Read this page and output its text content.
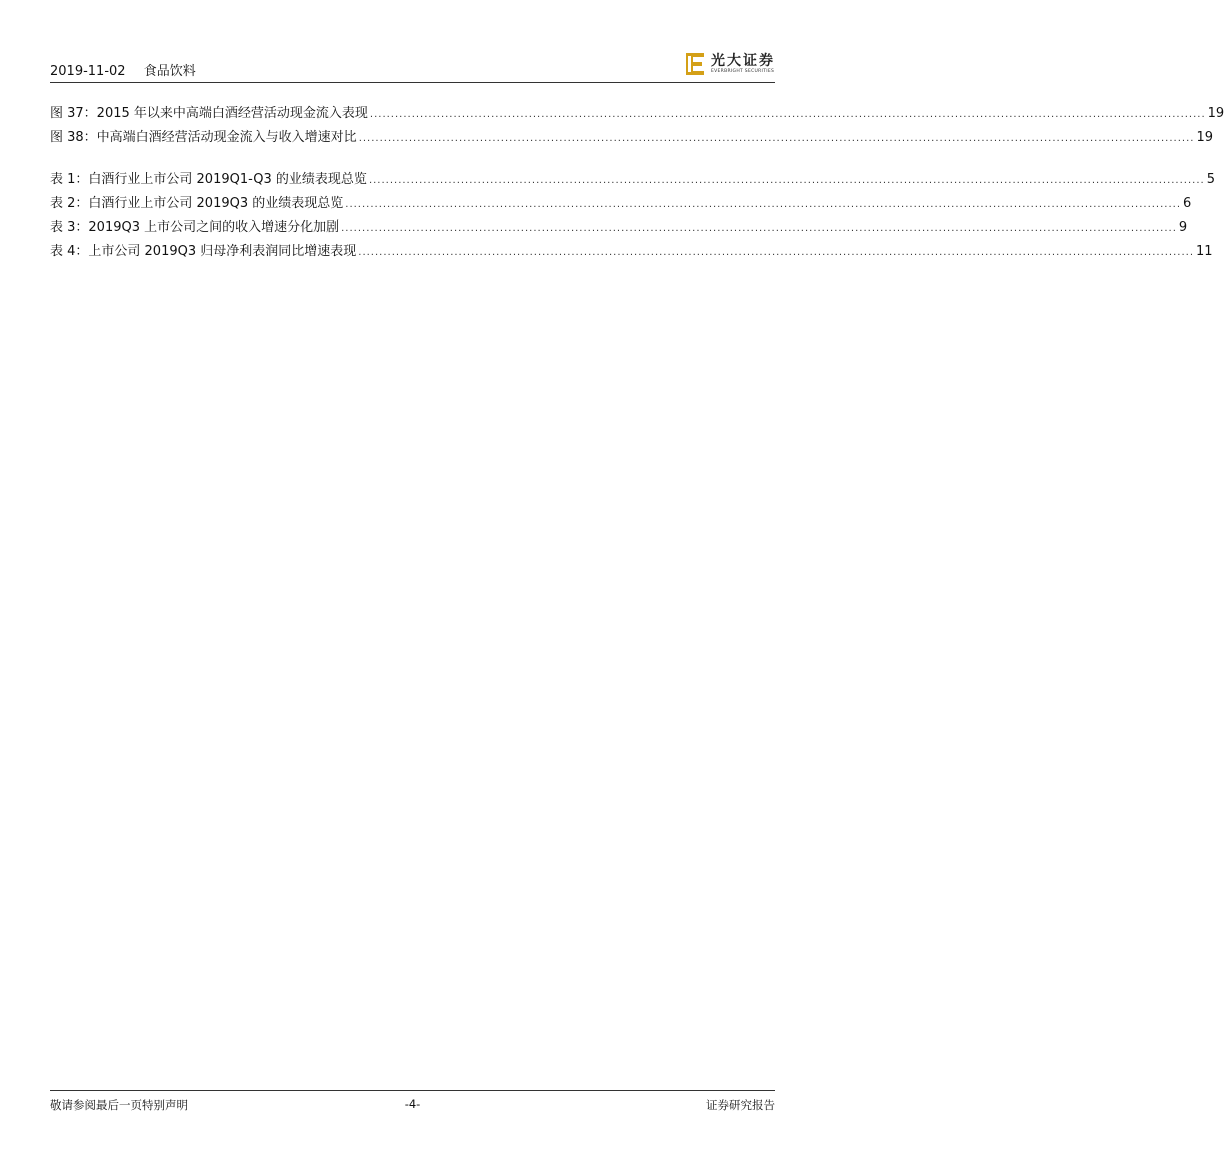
2019-11-02 食品饮料
光大证券
EVERBRIGHT SECURITIES
图 37：2015 年以来中高端白酒经营活动现金流入表现 ........................................................................................................................................................................................................ 19
图 38：中高端白酒经营活动现金流入与收入增速对比 ........................................................................................................................................................................................................ 19
表 1：白酒行业上市公司 2019Q1-Q3 的业绩表现总览 ........................................................................................................................................................................................................ 5
表 2：白酒行业上市公司 2019Q3 的业绩表现总览 ........................................................................................................................................................................................................ 6
表 3：2019Q3 上市公司之间的收入增速分化加剧 ........................................................................................................................................................................................................ 9
表 4：上市公司 2019Q3 归母净利表润同比增速表现 ........................................................................................................................................................................................................ 11
敬请参阅最后一页特别声明	-4-	证券研究报告
